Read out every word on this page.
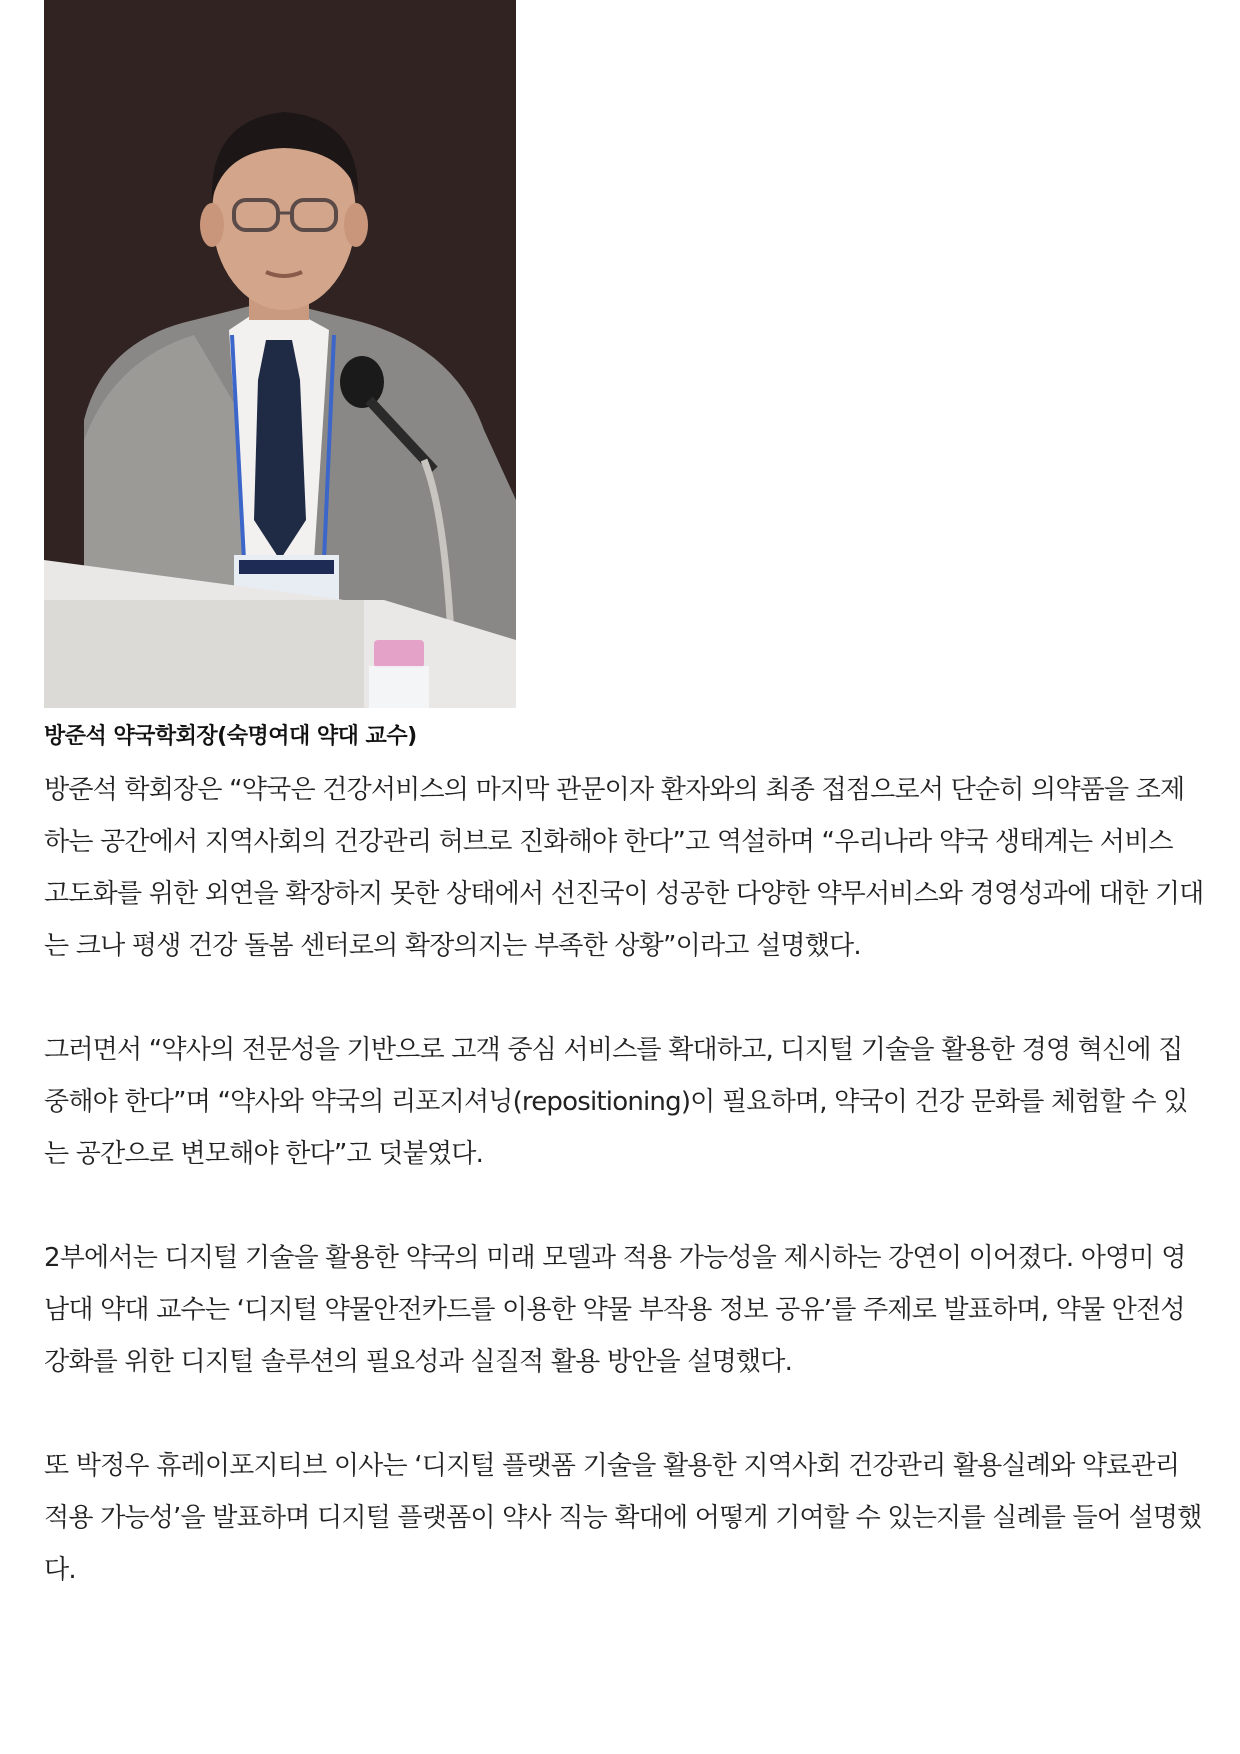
방준석 약국학회장(숙명여대 약대 교수)

방준석 학회장은 “약국은 건강서비스의 마지막 관문이자 환자와의 최종 접점으로서 단순히 의약품을 조제하는 공간에서 지역사회의 건강관리 허브로 진화해야 한다”고 역설하며 “우리나라 약국 생태계는 서비스 고도화를 위한 외연을 확장하지 못한 상태에서 선진국이 성공한 다양한 약무서비스와 경영성과에 대한 기대는 크나 평생 건강 돌봄 센터로의 확장의지는 부족한 상황”이라고 설명했다.

그러면서 “약사의 전문성을 기반으로 고객 중심 서비스를 확대하고, 디지털 기술을 활용한 경영 혁신에 집중해야 한다”며 “약사와 약국의 리포지셔닝(repositioning)이 필요하며, 약국이 건강 문화를 체험할 수 있는 공간으로 변모해야 한다”고 덧붙였다.

2부에서는 디지털 기술을 활용한 약국의 미래 모델과 적용 가능성을 제시하는 강연이 이어졌다. 아영미 영남대 약대 교수는 ‘디지털 약물안전카드를 이용한 약물 부작용 정보 공유’를 주제로 발표하며, 약물 안전성 강화를 위한 디지털 솔루션의 필요성과 실질적 활용 방안을 설명했다.

또 박정우 휴레이포지티브 이사는 ‘디지털 플랫폼 기술을 활용한 지역사회 건강관리 활용실례와 약료관리 적용 가능성’을 발표하며 디지털 플랫폼이 약사 직능 확대에 어떻게 기여할 수 있는지를 실례를 들어 설명했다.
